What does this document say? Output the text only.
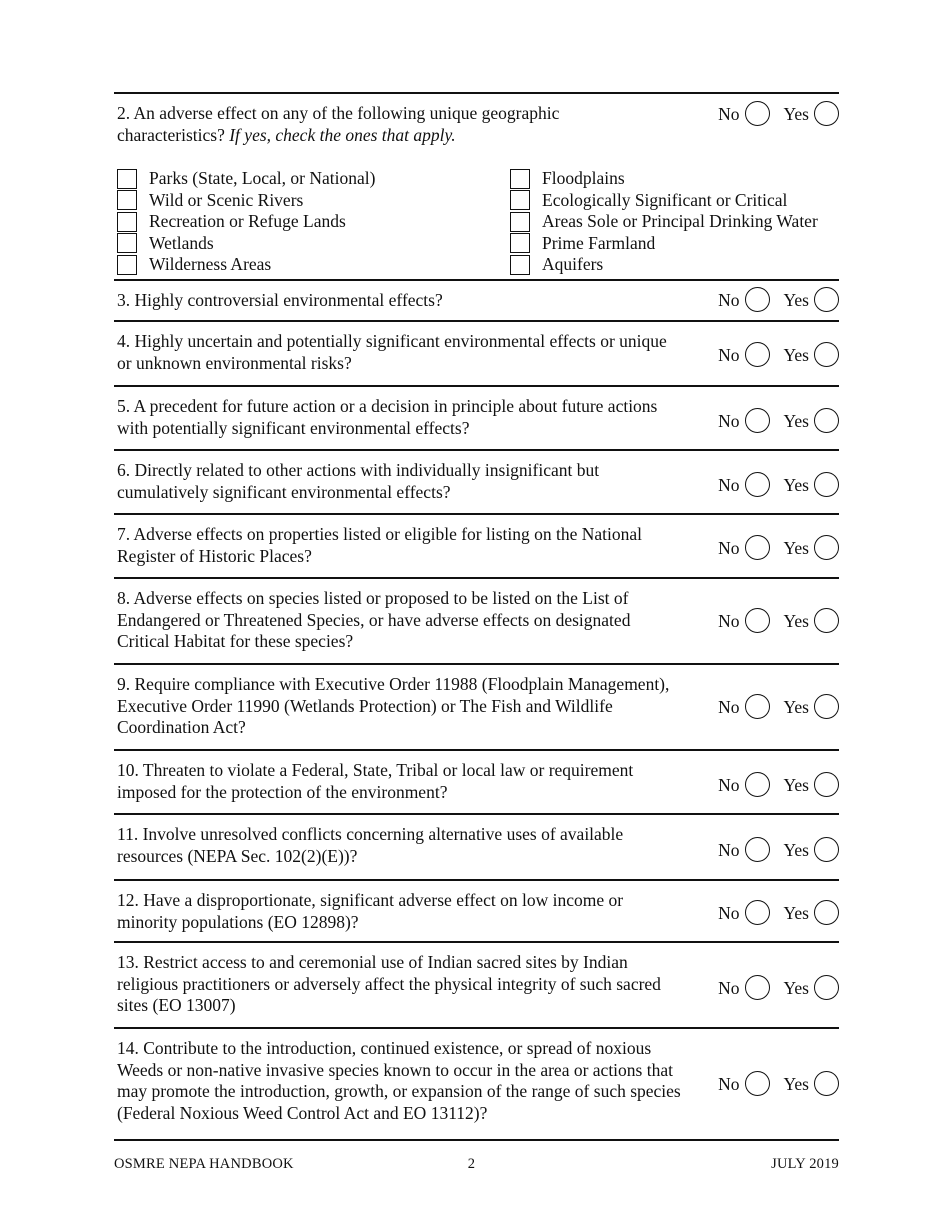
2. An adverse effect on any of the following unique geographic characteristics? If yes, check the ones that apply.
No	Yes
Parks (State, Local, or National)
Wild or Scenic Rivers
Recreation or Refuge Lands
Wetlands
Wilderness Areas
Floodplains
Ecologically Significant or Critical
Areas Sole or Principal Drinking Water
Prime Farmland
Aquifers
3. Highly controversial environmental effects?	No	Yes
4. Highly uncertain and potentially significant environmental effects or unique or unknown environmental risks?	No	Yes
5. A precedent for future action or a decision in principle about future actions with potentially significant environmental effects?	No	Yes
6. Directly related to other actions with individually insignificant but cumulatively significant environmental effects?	No	Yes
7. Adverse effects on properties listed or eligible for listing on the National Register of Historic Places?	No	Yes
8. Adverse effects on species listed or proposed to be listed on the List of Endangered or Threatened Species, or have adverse effects on designated Critical Habitat for these species?
No	Yes
9. Require compliance with Executive Order 11988 (Floodplain Management), Executive Order 11990 (Wetlands Protection) or The Fish and Wildlife Coordination Act?
No	Yes
10. Threaten to violate a Federal, State, Tribal or local law or requirement imposed for the protection of the environment?	No	Yes
11. Involve unresolved conflicts concerning alternative uses of available resources (NEPA Sec. 102(2)(E))?	No	Yes
12. Have a disproportionate, significant adverse effect on low income or minority populations (EO 12898)?	No	Yes
13. Restrict access to and ceremonial use of Indian sacred sites by Indian religious practitioners or adversely affect the physical integrity of such sacred sites (EO 13007)
No	Yes
14. Contribute to the introduction, continued existence, or spread of noxious Weeds or non-native invasive species known to occur in the area or actions that may promote the introduction, growth, or expansion of the range of such species (Federal Noxious Weed Control Act and EO 13112)?
No	Yes
OSMRE NEPA HANDBOOK	2	JULY 2019
